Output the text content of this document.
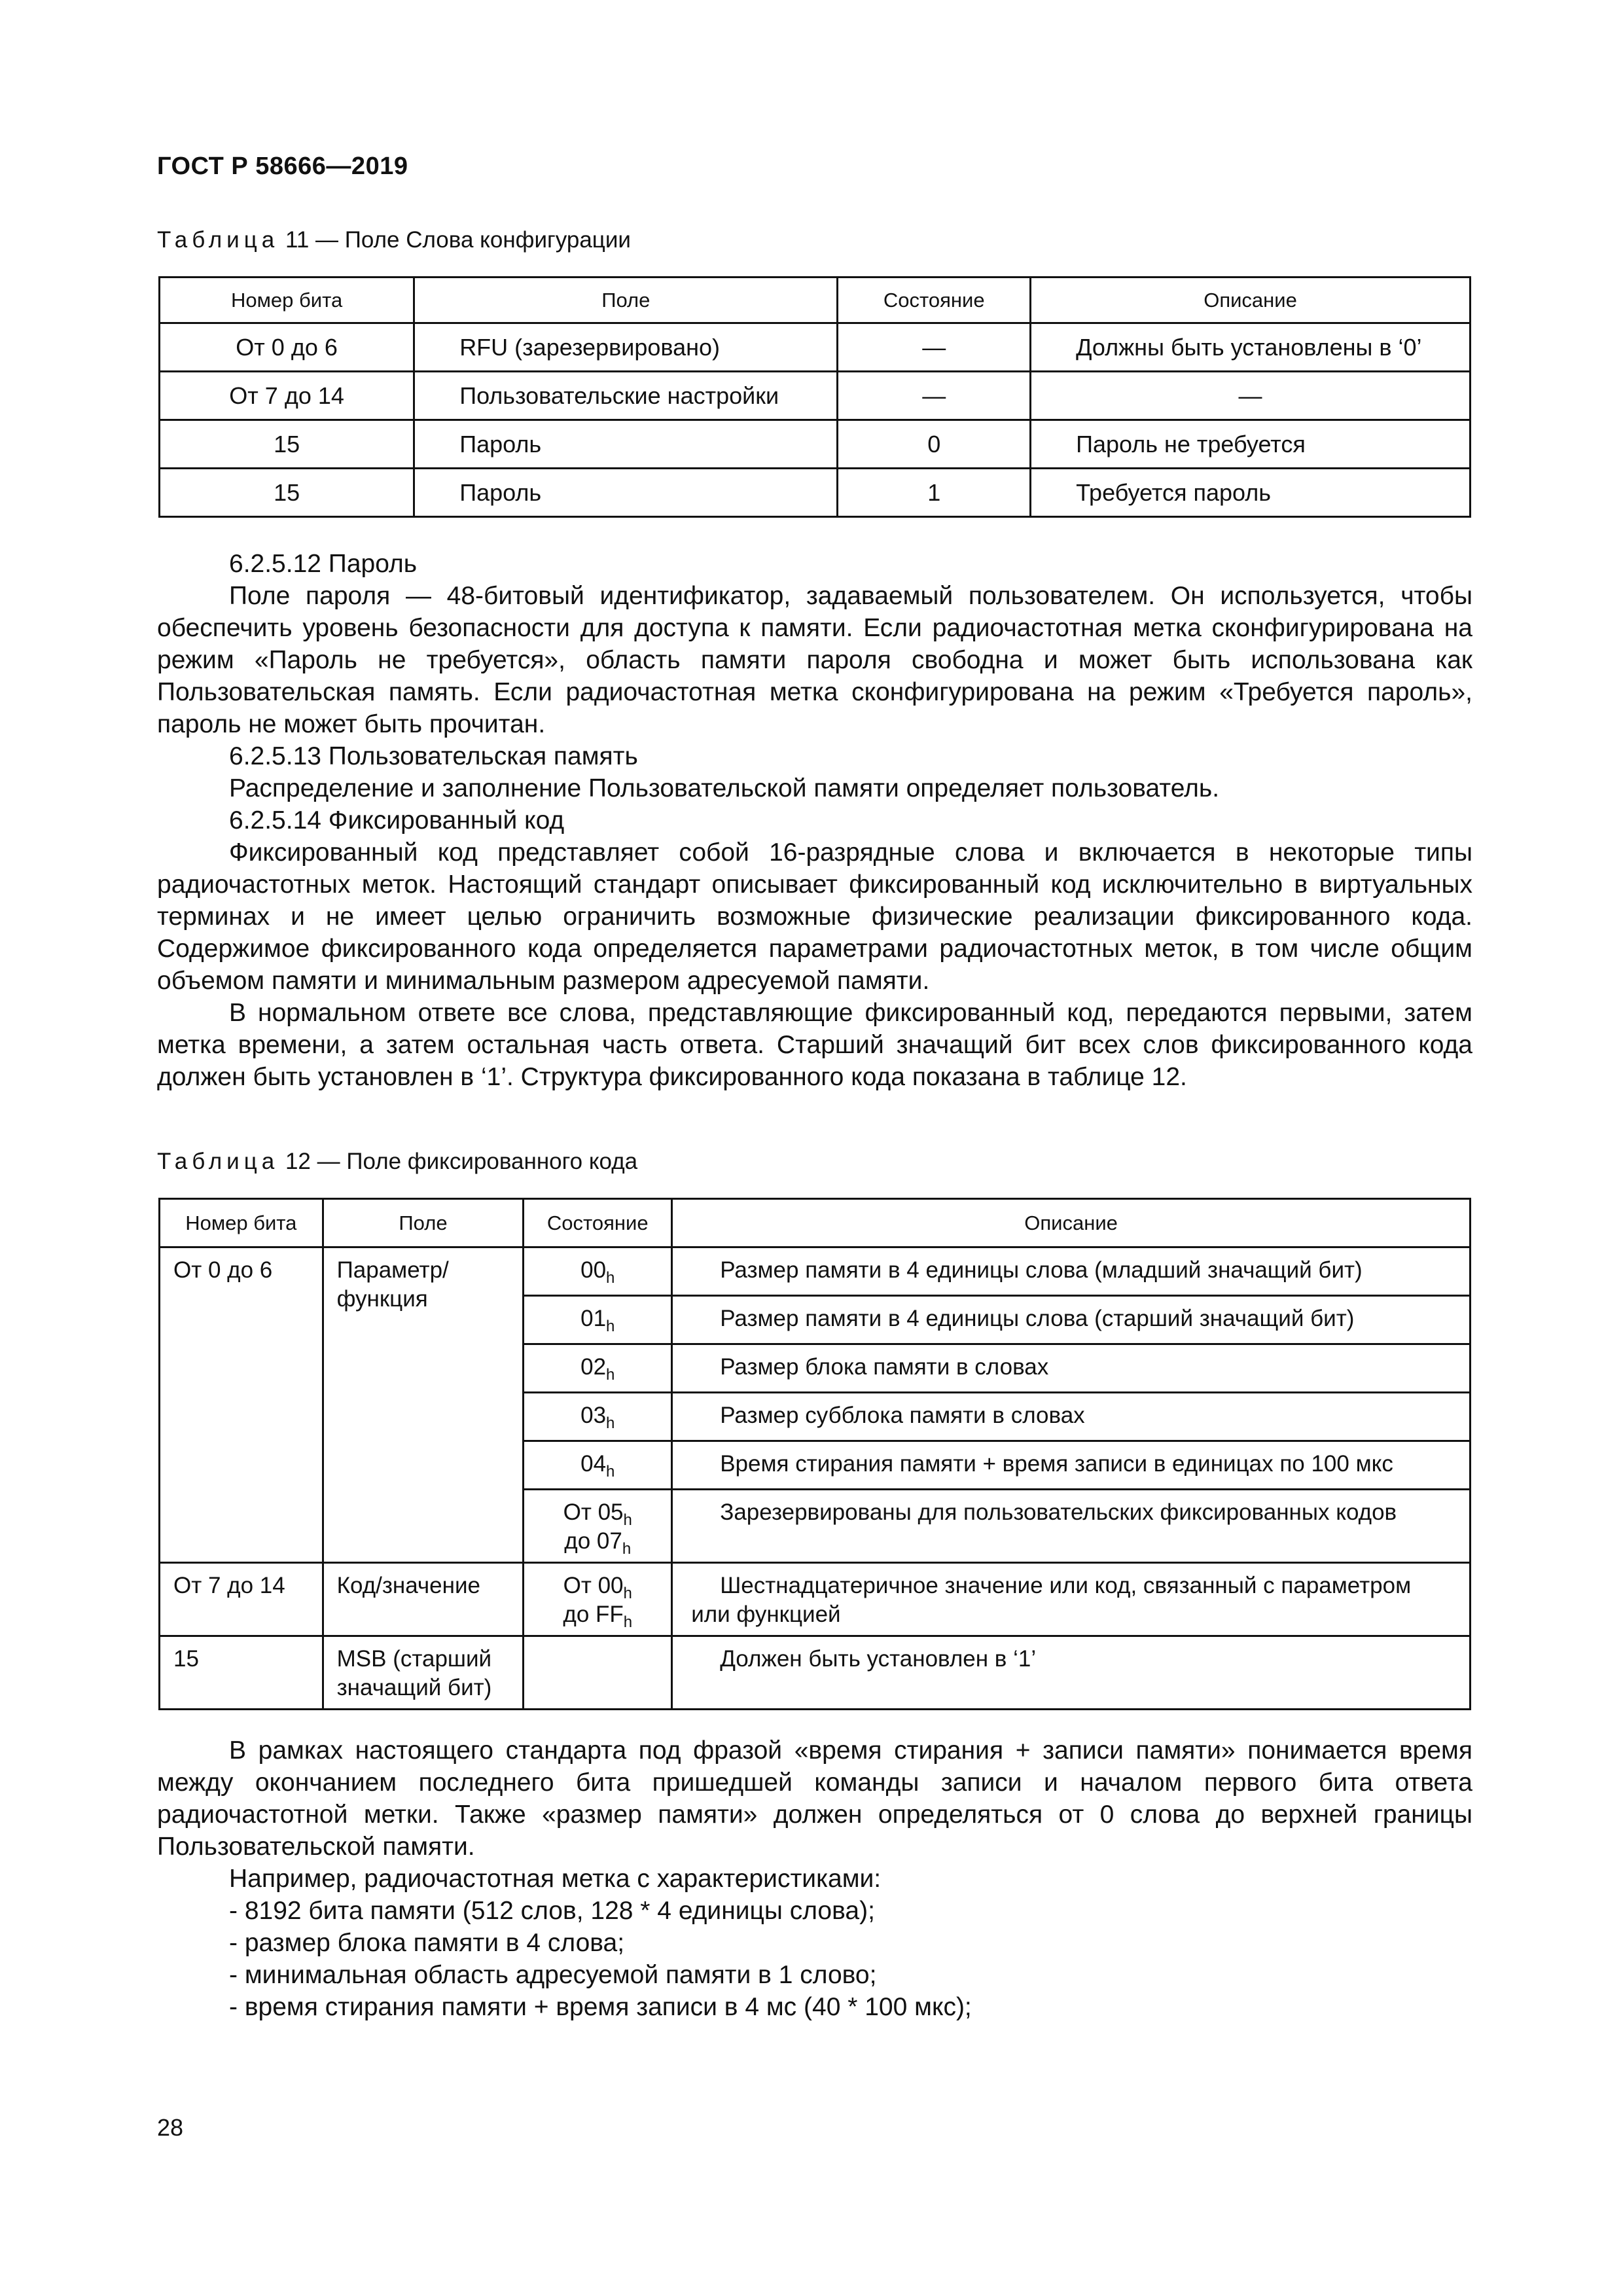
ГОСТ Р 58666—2019
Таблица 11 — Поле Слова конфигурации
Номер бита	Поле	Состояние	Описание
От 0 до 6	RFU (зарезервировано)	—	Должны быть установлены в ‘0’
От 7 до 14	Пользовательские настройки	—	—
15	Пароль	0	Пароль не требуется
15	Пароль	1	Требуется пароль

6.2.5.12 Пароль

Поле пароля — 48-битовый идентификатор, задаваемый пользователем. Он используется, чтобы обеспечить уровень безопасности для доступа к памяти. Если радиочастотная метка сконфигурирована на режим «Пароль не требуется», область памяти пароля свободна и может быть использована как Пользовательская память. Если радиочастотная метка сконфигурирована на режим «Требуется пароль», пароль не может быть прочитан.

6.2.5.13 Пользовательская память

Распределение и заполнение Пользовательской памяти определяет пользователь.

6.2.5.14 Фиксированный код

Фиксированный код представляет собой 16-разрядные слова и включается в некоторые типы радиочастотных меток. Настоящий стандарт описывает фиксированный код исключительно в виртуальных терминах и не имеет целью ограничить возможные физические реализации фиксированного кода. Содержимое фиксированного кода определяется параметрами радиочастотных меток, в том числе общим объемом памяти и минимальным размером адресуемой памяти.

В нормальном ответе все слова, представляющие фиксированный код, передаются первыми, затем метка времени, а затем остальная часть ответа. Старший значащий бит всех слов фиксированного кода должен быть установлен в ‘1’. Структура фиксированного кода показана в таблице 12.

Таблица 12 — Поле фиксированного кода
Номер бита	Поле	Состояние	Описание
От 0 до 6	Параметр/ функция	$00_h$	Размер памяти в 4 единицы слова (младший значащий бит)
		$01_h$	Размер памяти в 4 единицы слова (старший значащий бит)
		$02_h$	Размер блока памяти в словах
		$03_h$	Размер субблока памяти в словах
		$04_h$	Время стирания памяти + время записи в единицах по 100 мкс
		От $05_h$
до $07_h$	Зарезервированы для пользовательских фиксированных кодов
От 7 до 14	Код/значение	От $00_h$
до $FF_h$	Шестнадцатеричное значение или код, связанный с параметром или функцией
15	MSB (старший значащий бит)		Должен быть установлен в ‘1’

В рамках настоящего стандарта под фразой «время стирания + записи памяти» понимается время между окончанием последнего бита пришедшей команды записи и началом первого бита ответа радиочастотной метки. Также «размер памяти» должен определяться от 0 слова до верхней границы Пользовательской памяти.

Например, радиочастотная метка с характеристиками:

- 8192 бита памяти (512 слов, 128 * 4 единицы слова);

- размер блока памяти в 4 слова;

- минимальная область адресуемой памяти в 1 слово;

- время стирания памяти + время записи в 4 мс (40 * 100 мкс);

28
